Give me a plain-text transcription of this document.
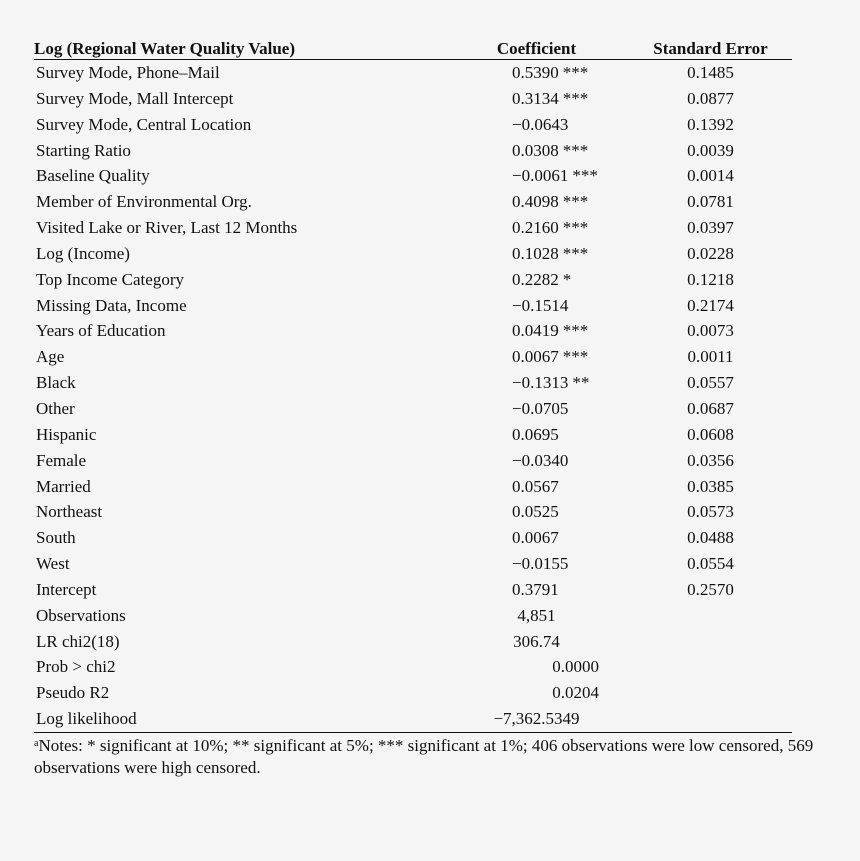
Log (Regional Water Quality Value)	Coefficient	Standard Error
Survey Mode, Phone–Mail	0.5390 ***	0.1485
Survey Mode, Mall Intercept	0.3134 ***	0.0877
Survey Mode, Central Location	−0.0643	0.1392
Starting Ratio	0.0308 ***	0.0039
Baseline Quality	−0.0061 ***	0.0014
Member of Environmental Org.	0.4098 ***	0.0781
Visited Lake or River, Last 12 Months	0.2160 ***	0.0397
Log (Income)	0.1028 ***	0.0228
Top Income Category	0.2282 *	0.1218
Missing Data, Income	−0.1514	0.2174
Years of Education	0.0419 ***	0.0073
Age	0.0067 ***	0.0011
Black	−0.1313 **	0.0557
Other	−0.0705	0.0687
Hispanic	0.0695	0.0608
Female	−0.0340	0.0356
Married	0.0567	0.0385
Northeast	0.0525	0.0573
South	0.0067	0.0488
West	−0.0155	0.0554
Intercept	0.3791	0.2570
Observations	4,851	
LR chi2(18)	306.74	
Prob > chi2	0.0000	
Pseudo R2	0.0204	
Log likelihood	−7,362.5349	
$^a$Notes: * significant at 10%; ** significant at 5%; *** significant at 1%; 406 observations were low censored, 569 observations were high censored.
